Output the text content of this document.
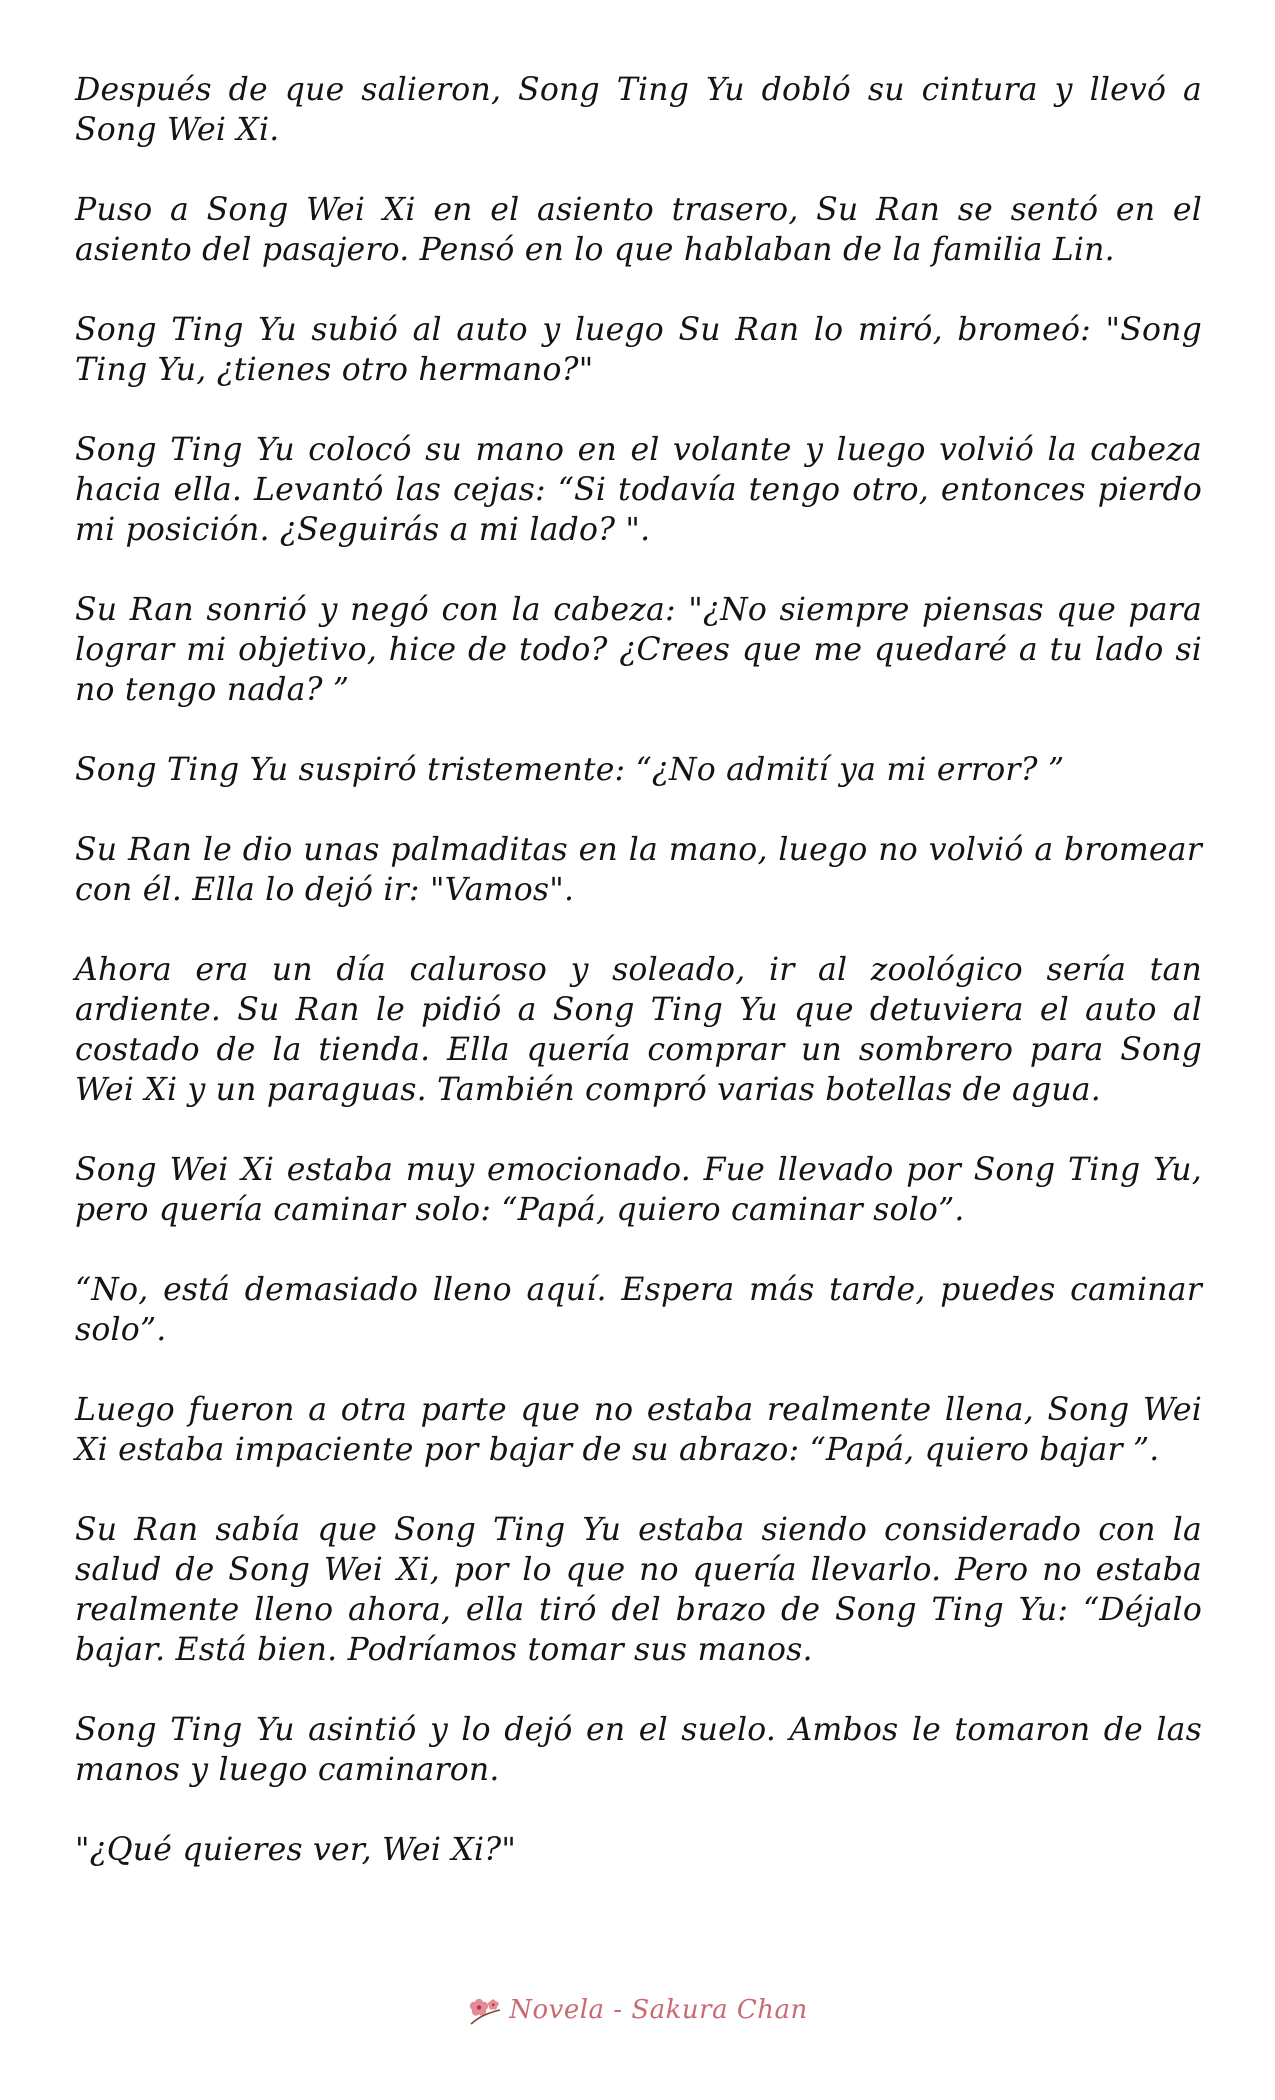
Después de que salieron, Song Ting Yu dobló su cintura y llevó a Song Wei Xi.

Puso a Song Wei Xi en el asiento trasero, Su Ran se sentó en el asiento del pasajero. Pensó en lo que hablaban de la familia Lin.

Song Ting Yu subió al auto y luego Su Ran lo miró, bromeó: "Song Ting Yu, ¿tienes otro hermano?"

Song Ting Yu colocó su mano en el volante y luego volvió la cabeza hacia ella. Levantó las cejas: “Si todavía tengo otro, entonces pierdo mi posición. ¿Seguirás a mi lado? ".

Su Ran sonrió y negó con la cabeza: "¿No siempre piensas que para lograr mi objetivo, hice de todo? ¿Crees que me quedaré a tu lado si no tengo nada? ”

Song Ting Yu suspiró tristemente: “¿No admití ya mi error? ”

Su Ran le dio unas palmaditas en la mano, luego no volvió a bromear con él. Ella lo dejó ir: "Vamos".

Ahora era un día caluroso y soleado, ir al zoológico sería tan ardiente. Su Ran le pidió a Song Ting Yu que detuviera el auto al costado de la tienda. Ella quería comprar un sombrero para Song Wei Xi y un paraguas. También compró varias botellas de agua.

Song Wei Xi estaba muy emocionado. Fue llevado por Song Ting Yu, pero quería caminar solo: “Papá, quiero caminar solo”.

“No, está demasiado lleno aquí. Espera más tarde, puedes caminar solo”.

Luego fueron a otra parte que no estaba realmente llena, Song Wei Xi estaba impaciente por bajar de su abrazo: “Papá, quiero bajar ”.

Su Ran sabía que Song Ting Yu estaba siendo considerado con la salud de Song Wei Xi, por lo que no quería llevarlo. Pero no estaba realmente lleno ahora, ella tiró del brazo de Song Ting Yu: “Déjalo bajar. Está bien. Podríamos tomar sus manos.

Song Ting Yu asintió y lo dejó en el suelo. Ambos le tomaron de las manos y luego caminaron.

"¿Qué quieres ver, Wei Xi?"

Novela - Sakura Chan
